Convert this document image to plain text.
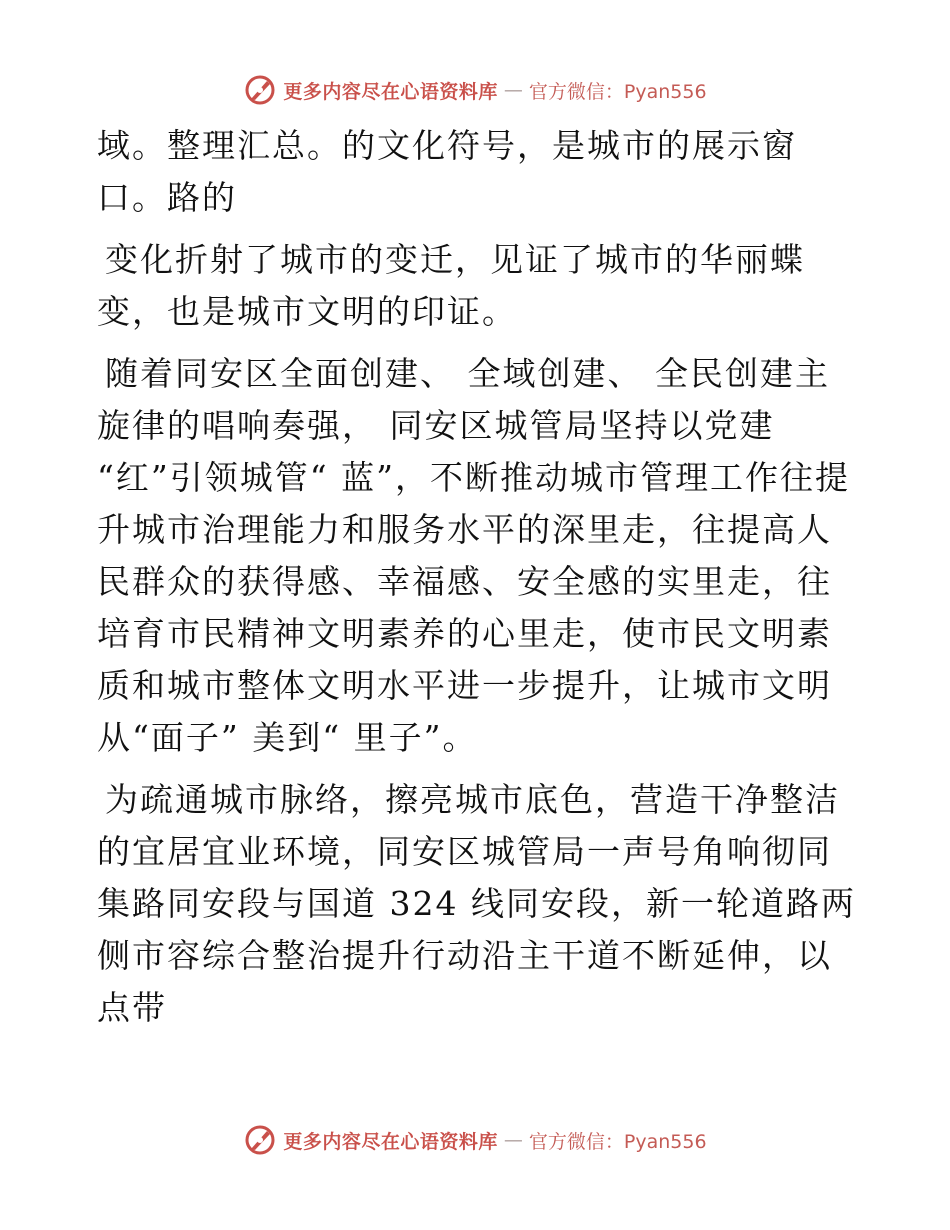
更多内容尽在心语资料库 — 官方微信：Pyan556

域。整理汇总。的文化符号，是城市的展示窗口。路的

变化折射了城市的变迁，见证了城市的华丽蝶变，也是城市文明的印证。

随着同安区全面创建、 全域创建、 全民创建主旋律的唱响奏强， 同安区城管局坚持以党建 “红”引领城管“ 蓝”，不断推动城市管理工作往提升城市治理能力和服务水平的深里走，往提高人民群众的获得感、幸福感、安全感的实里走，往培育市民精神文明素养的心里走，使市民文明素质和城市整体文明水平进一步提升，让城市文明从“面子” 美到“ 里子”。

为疏通城市脉络，擦亮城市底色，营造干净整洁的宜居宜业环境，同安区城管局一声号角响彻同集路同安段与国道 324 线同安段，新一轮道路两侧市容综合整治提升行动沿主干道不断延伸，以点带

更多内容尽在心语资料库 — 官方微信：Pyan556
